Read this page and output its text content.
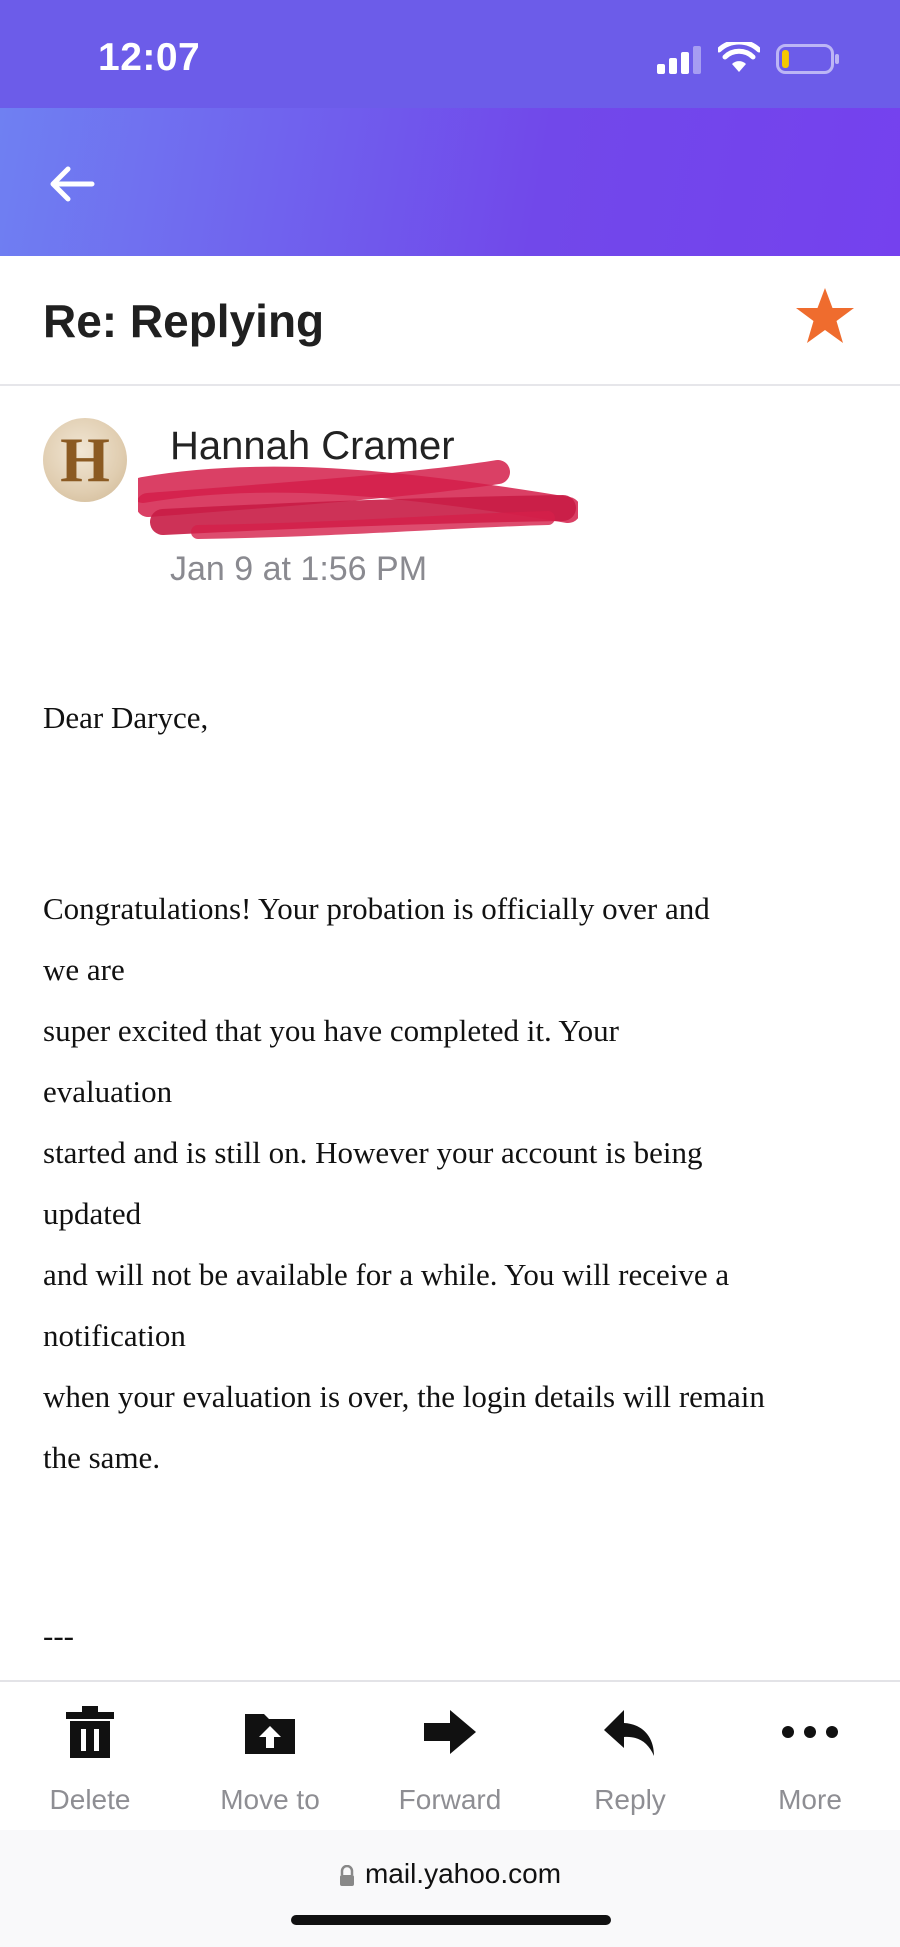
12:07
Re: Replying
H	Hannah Cramer
Jan 9 at 1:56 PM
Dear Daryce,
Congratulations! Your probation is officially over and
we are
super excited that you have completed it. Your
evaluation
started and is still on. However your account is being
updated
and will not be available for a while. You will receive a
notification
when your evaluation is over, the login details will remain
the same.
---
Delete	Move to	Forward	Reply	More
mail.yahoo.com
